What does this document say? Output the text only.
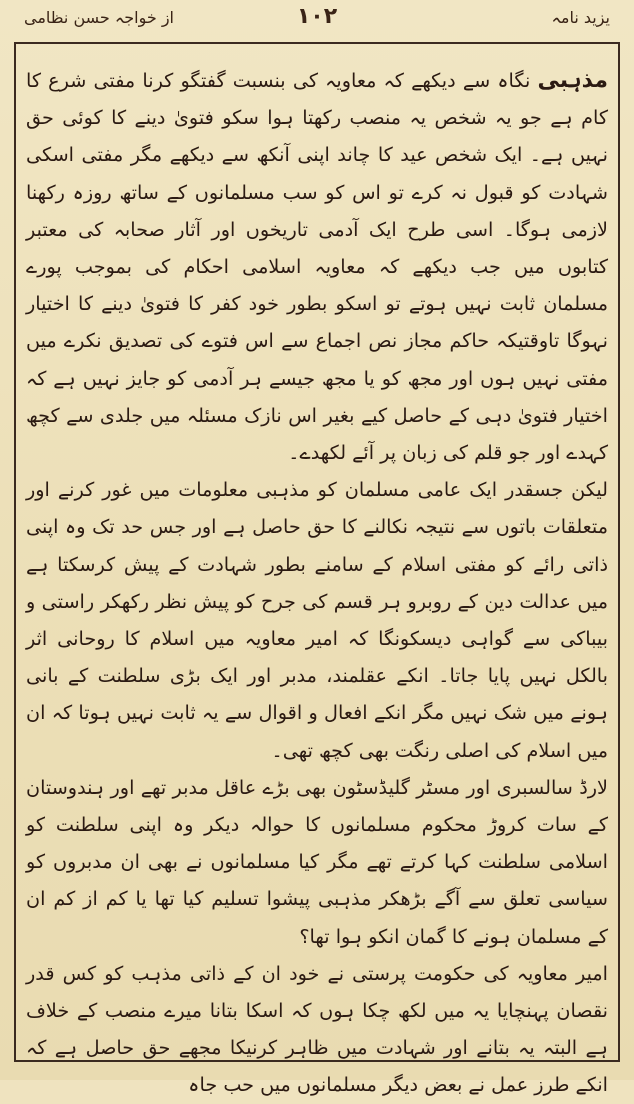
از خواجہ حسن نظامی	۱۰۲	یزید نامہ

مذہبی نگاہ سے دیکھے کہ معاویہ کی بنسبت گفتگو کرنا مفتی شرع کا کام ہے جو یہ شخص یہ منصب رکھتا ہوا سکو فتویٰ دینے کا کوئی حق نہیں ہے۔ ایک شخص عید کا چاند اپنی آنکھ سے دیکھے مگر مفتی اسکی شہادت کو قبول نہ کرے تو اس کو سب مسلمانوں کے ساتھ روزہ رکھنا لازمی ہوگا۔ اسی طرح ایک آدمی تاریخوں اور آثار صحابہ کی معتبر کتابوں میں جب دیکھے کہ معاویہ اسلامی احکام کی بموجب پورے مسلمان ثابت نہیں ہوتے تو اسکو بطور خود کفر کا فتویٰ دینے کا اختیار نہوگا تاوقتیکہ حاکم مجاز نص اجماع سے اس فتوے کی تصدیق نکرے میں مفتی نہیں ہوں اور مجھ کو یا مجھ جیسے ہر آدمی کو جایز نہیں ہے کہ اختیار فتویٰ دہی کے حاصل کیے بغیر اس نازک مسئلہ میں جلدی سے کچھ کہدے اور جو قلم کی زبان پر آئے لکھدے۔

لیکن جسقدر ایک عامی مسلمان کو مذہبی معلومات میں غور کرنے اور متعلقات باتوں سے نتیجہ نکالنے کا حق حاصل ہے اور جس حد تک وہ اپنی ذاتی رائے کو مفتی اسلام کے سامنے بطور شہادت کے پیش کرسکتا ہے میں عدالت دین کے روبرو ہر قسم کی جرح کو پیش نظر رکھکر راستی و بیباکی سے گواہی دیسکونگا کہ امیر معاویہ میں اسلام کا روحانی اثر بالکل نہیں پایا جاتا۔ انکے عقلمند، مدبر اور ایک بڑی سلطنت کے بانی ہونے میں شک نہیں مگر انکے افعال و اقوال سے یہ ثابت نہیں ہوتا کہ ان میں اسلام کی اصلی رنگت بھی کچھ تھی۔

لارڈ سالسبری اور مسٹر گلیڈسٹون بھی بڑے عاقل مدبر تھے اور ہندوستان کے سات کروڑ محکوم مسلمانوں کا حوالہ دیکر وہ اپنی سلطنت کو اسلامی سلطنت کہا کرتے تھے مگر کیا مسلمانوں نے بھی ان مدبروں کو سیاسی تعلق سے آگے بڑھکر مذہبی پیشوا تسلیم کیا تھا یا کم از کم ان کے مسلمان ہونے کا گمان انکو ہوا تھا؟

امیر معاویہ کی حکومت پرستی نے خود ان کے ذاتی مذہب کو کس قدر نقصان پہنچایا یہ میں لکھ چکا ہوں کہ اسکا بتانا میرے منصب کے خلاف ہے البتہ یہ بتانے اور شہادت میں ظاہر کرنیکا مجھے حق حاصل ہے کہ انکے طرز عمل نے بعض دیگر مسلمانوں میں حب جاہ
